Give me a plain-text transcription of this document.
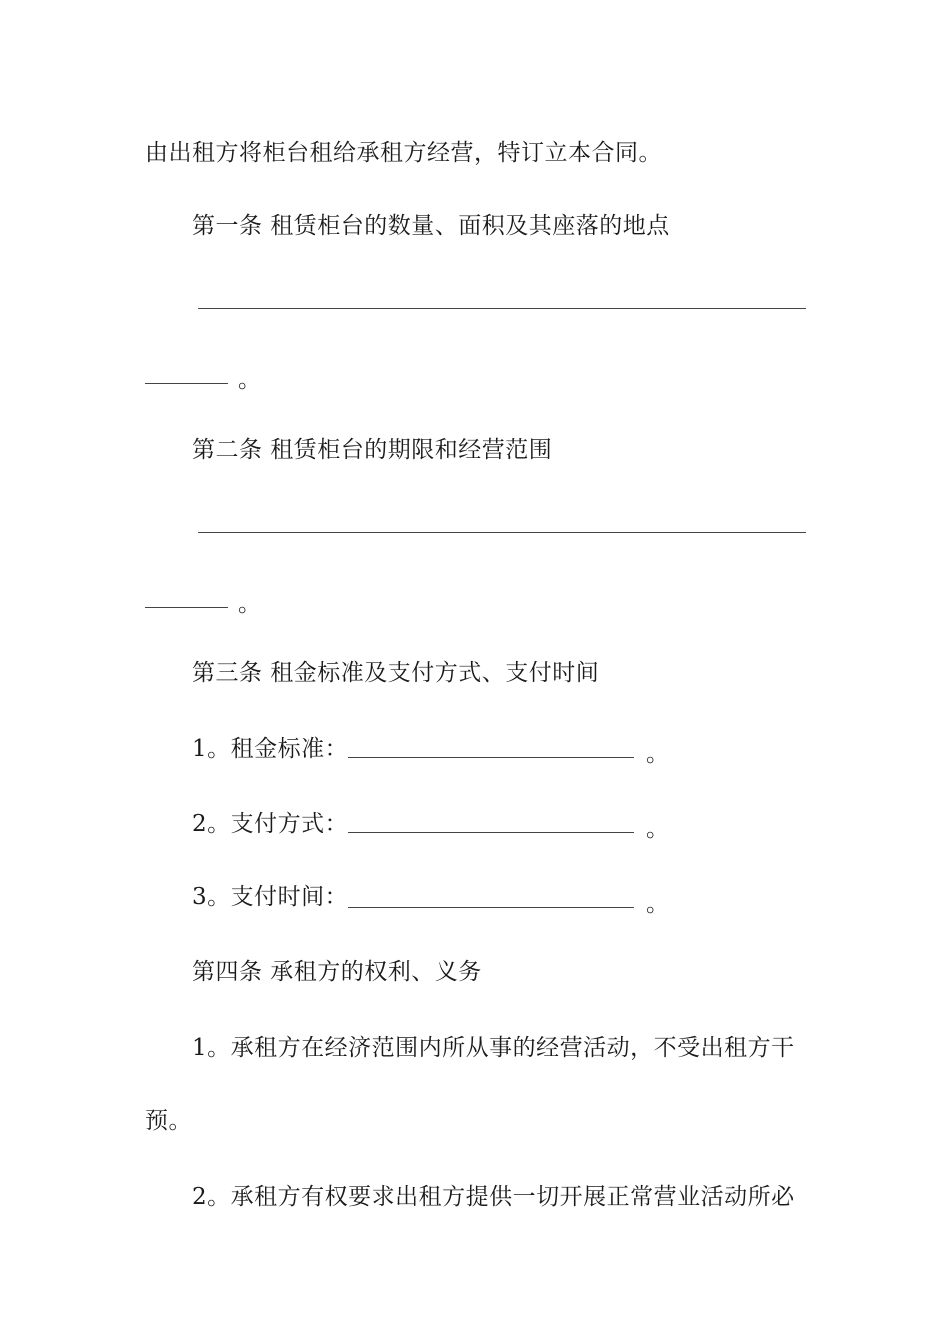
由出租方将柜台租给承租方经营，特订立本合同。
第一条 租赁柜台的数量、面积及其座落的地点
。
第二条 租赁柜台的期限和经营范围
。
第三条 租金标准及支付方式、支付时间
1。租金标准：	。
2。支付方式：	。
3。支付时间：	。
第四条 承租方的权利、义务
1。承租方在经济范围内所从事的经营活动，不受出租方干
预。
2。承租方有权要求出租方提供一切开展正常营业活动所必
